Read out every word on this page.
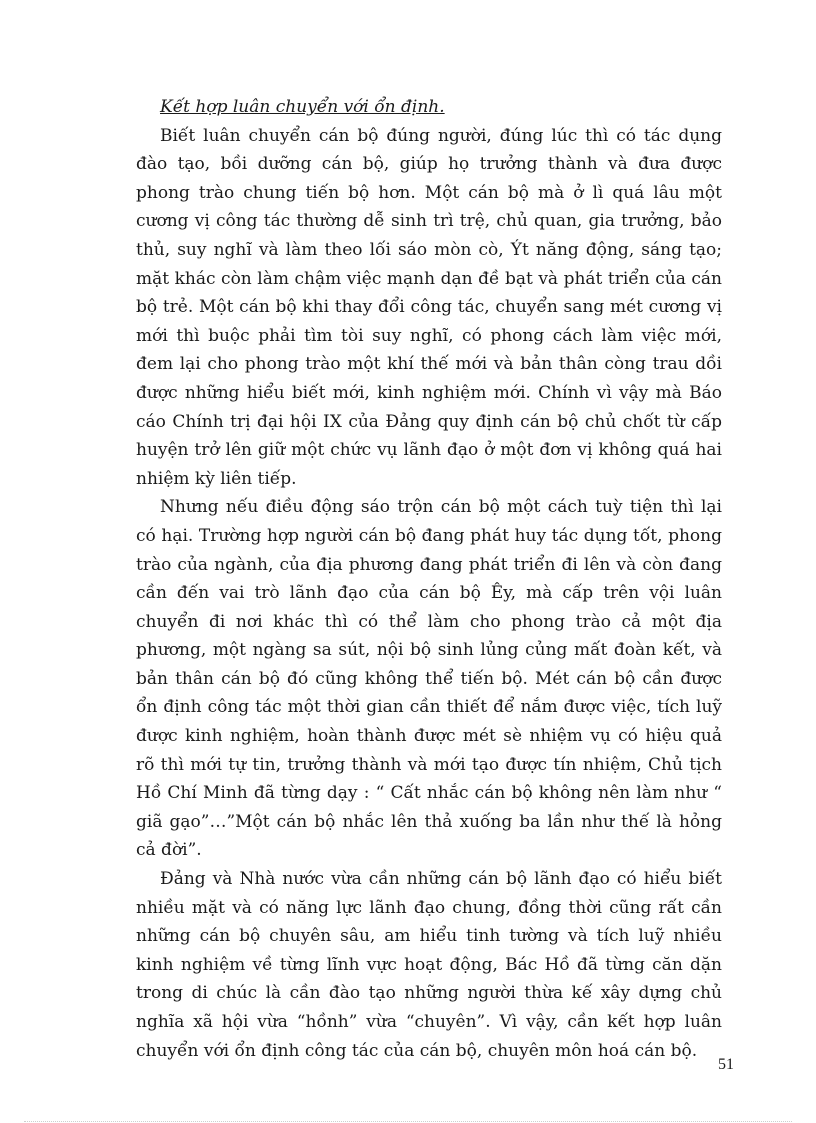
Kết hợp luân chuyển với ổn định.

Biết luân chuyển cán bộ đúng người, đúng lúc thì có tác dụng đào tạo, bồi dưỡng cán bộ, giúp họ trưởng thành và đưa được phong trào chung tiến bộ hơn. Một cán bộ mà ở lì quá lâu một cương vị công tác thường dễ sinh trì trệ, chủ quan, gia trưởng, bảo thủ, suy nghĩ và làm theo lối sáo mòn cò, Ýt năng động, sáng tạo; mặt khác còn làm chậm việc mạnh dạn đề bạt và phát triển của cán bộ trẻ. Một cán bộ khi thay đổi công tác, chuyển sang mét cương vị mới thì buộc phải tìm tòi suy nghĩ, có phong cách làm việc mới, đem lại cho phong trào một khí thế mới và bản thân còng trau dồi được những hiểu biết mới, kinh nghiệm mới. Chính vì vậy mà Báo cáo Chính trị đại hội IX của Đảng quy định cán bộ chủ chốt từ cấp huyện trở lên giữ một chức vụ lãnh đạo ở một đơn vị không quá hai nhiệm kỳ liên tiếp.

Nhưng nếu điều động sáo trộn cán bộ một cách tuỳ tiện thì lại có hại. Trường hợp người cán bộ đang phát huy tác dụng tốt, phong trào của ngành, của địa phương đang phát triển đi lên và còn đang cần đến vai trò lãnh đạo của cán bộ Êy, mà cấp trên vội luân chuyển đi nơi khác thì có thể làm cho phong trào cả một địa phương, một ngàng sa sút, nội bộ sinh lủng củng mất đoàn kết, và bản thân cán bộ đó cũng không thể tiến bộ. Mét cán bộ cần được ổn định công tác một thời gian cần thiết để nắm được việc, tích luỹ được kinh nghiệm, hoàn thành được mét sè nhiệm vụ có hiệu quả rõ thì mới tự tin, trưởng thành và mới tạo được tín nhiệm, Chủ tịch Hồ Chí Minh đã từng dạy : “ Cất nhắc cán bộ không nên làm như “ giã gạo”…”Một cán bộ nhắc lên thả xuống ba lần như thế là hỏng cả đời”.

Đảng và Nhà nước vừa cần những cán bộ lãnh đạo có hiểu biết nhiều mặt và có năng lực lãnh đạo chung, đồng thời cũng rất cần những cán bộ chuyên sâu, am hiểu tinh tường và tích luỹ nhiều kinh nghiệm về từng lĩnh vực hoạt động, Bác Hồ đã từng căn dặn trong di chúc là cần đào tạo những người thừa kế xây dựng chủ nghĩa xã hội vừa “hồnh” vừa “chuyên”. Vì vậy, cần kết hợp luân chuyển với ổn định công tác của cán bộ, chuyên môn hoá cán bộ.

51
